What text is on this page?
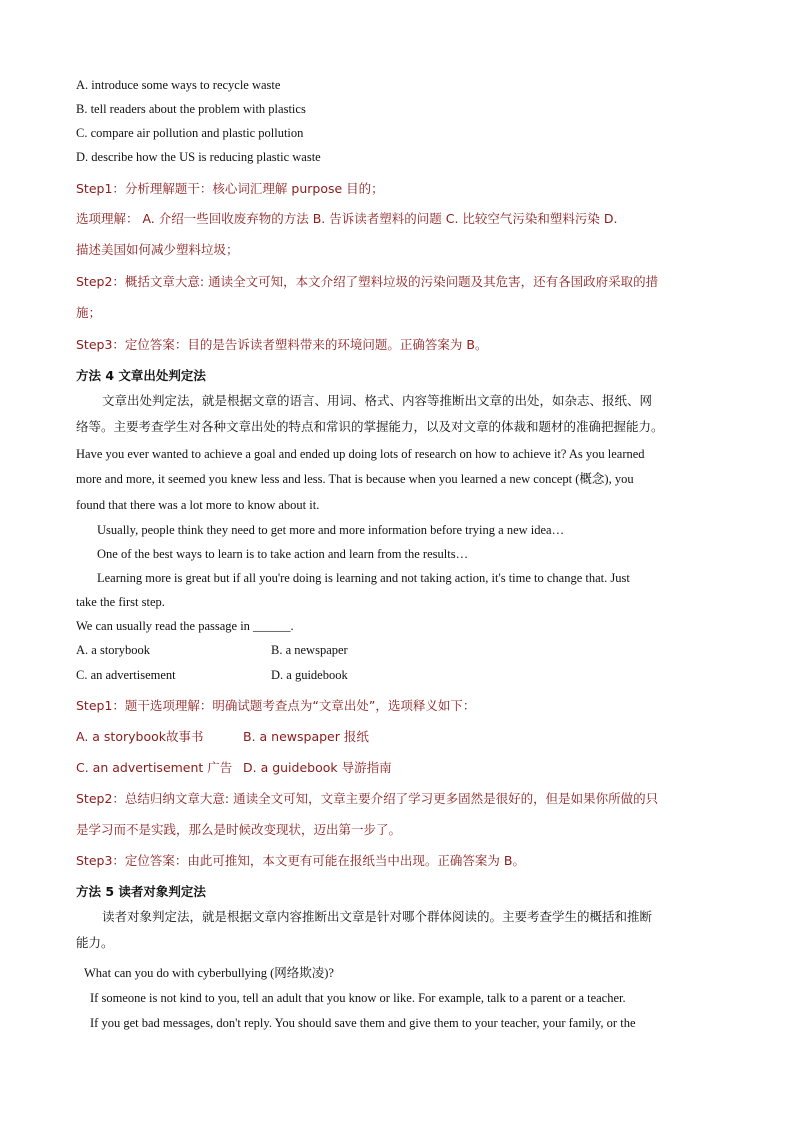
A. introduce some ways to recycle waste
B. tell readers about the problem with plastics
C. compare air pollution and plastic pollution
D. describe how the US is reducing plastic waste
Step1：分析理解题干：核心词汇理解 purpose 目的；
选项理解： A. 介绍一些回收废弃物的方法 B. 告诉读者塑料的问题 C. 比较空气污染和塑料污染 D.
描述美国如何减少塑料垃圾；
Step2：概括文章大意: 通读全文可知，本文介绍了塑料垃圾的污染问题及其危害，还有各国政府采取的措
施；
Step3：定位答案：目的是告诉读者塑料带来的环境问题。正确答案为 B。
方法 4 文章出处判定法
文章出处判定法，就是根据文章的语言、用词、格式、内容等推断出文章的出处，如杂志、报纸、网
络等。主要考查学生对各种文章出处的特点和常识的掌握能力，以及对文章的体裁和题材的准确把握能力。
Have you ever wanted to achieve a goal and ended up doing lots of research on how to achieve it? As you learned
more and more, it seemed you knew less and less. That is because when you learned a new concept (概念), you
found that there was a lot more to know about it.
Usually, people think they need to get more and more information before trying a new idea…
One of the best ways to learn is to take action and learn from the results…
Learning more is great but if all you're doing is learning and not taking action, it's time to change that. Just
take the first step.
We can usually read the passage in ______.
A. a storybook	B. a newspaper
C. an advertisement	D. a guidebook
Step1：题干选项理解：明确试题考查点为“文章出处”，选项释义如下：
A. a storybook故事书	B. a newspaper 报纸
C. an advertisement 广告 D. a guidebook 导游指南
Step2：总结归纳文章大意: 通读全文可知，文章主要介绍了学习更多固然是很好的，但是如果你所做的只
是学习而不是实践，那么是时候改变现状，迈出第一步了。
Step3：定位答案：由此可推知，本文更有可能在报纸当中出现。正确答案为 B。
方法 5 读者对象判定法
读者对象判定法，就是根据文章内容推断出文章是针对哪个群体阅读的。主要考查学生的概括和推断
能力。
What can you do with cyberbullying (网络欺凌)?
If someone is not kind to you, tell an adult that you know or like. For example, talk to a parent or a teacher.
If you get bad messages, don't reply. You should save them and give them to your teacher, your family, or the
